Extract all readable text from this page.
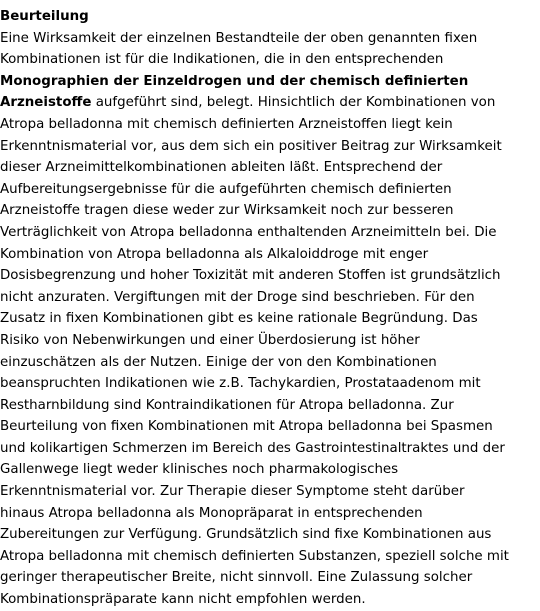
Beurteilung
Eine Wirksamkeit der einzelnen Bestandteile der oben genannten fixen
Kombinationen ist für die Indikationen, die in den entsprechenden
Monographien der Einzeldrogen und der chemisch definierten
Arzneistoffe aufgeführt sind, belegt. Hinsichtlich der Kombinationen von
Atropa belladonna mit chemisch definierten Arzneistoffen liegt kein
Erkenntnismaterial vor, aus dem sich ein positiver Beitrag zur Wirksamkeit
dieser Arzneimittelkombinationen ableiten läßt. Entsprechend der
Aufbereitungsergebnisse für die aufgeführten chemisch definierten
Arzneistoffe tragen diese weder zur Wirksamkeit noch zur besseren
Verträglichkeit von Atropa belladonna enthaltenden Arzneimitteln bei. Die
Kombination von Atropa belladonna als Alkaloiddroge mit enger
Dosisbegrenzung und hoher Toxizität mit anderen Stoffen ist grundsätzlich
nicht anzuraten. Vergiftungen mit der Droge sind beschrieben. Für den
Zusatz in fixen Kombinationen gibt es keine rationale Begründung. Das
Risiko von Nebenwirkungen und einer Überdosierung ist höher
einzuschätzen als der Nutzen. Einige der von den Kombinationen
beanspruchten Indikationen wie z.B. Tachykardien, Prostataadenom mit
Restharnbildung sind Kontraindikationen für Atropa belladonna. Zur
Beurteilung von fixen Kombinationen mit Atropa belladonna bei Spasmen
und kolikartigen Schmerzen im Bereich des Gastrointestinaltraktes und der
Gallenwege liegt weder klinisches noch pharmakologisches
Erkenntnismaterial vor. Zur Therapie dieser Symptome steht darüber
hinaus Atropa belladonna als Monopräparat in entsprechenden
Zubereitungen zur Verfügung. Grundsätzlich sind fixe Kombinationen aus
Atropa belladonna mit chemisch definierten Substanzen, speziell solche mit
geringer therapeutischer Breite, nicht sinnvoll. Eine Zulassung solcher
Kombinationspräparate kann nicht empfohlen werden.
